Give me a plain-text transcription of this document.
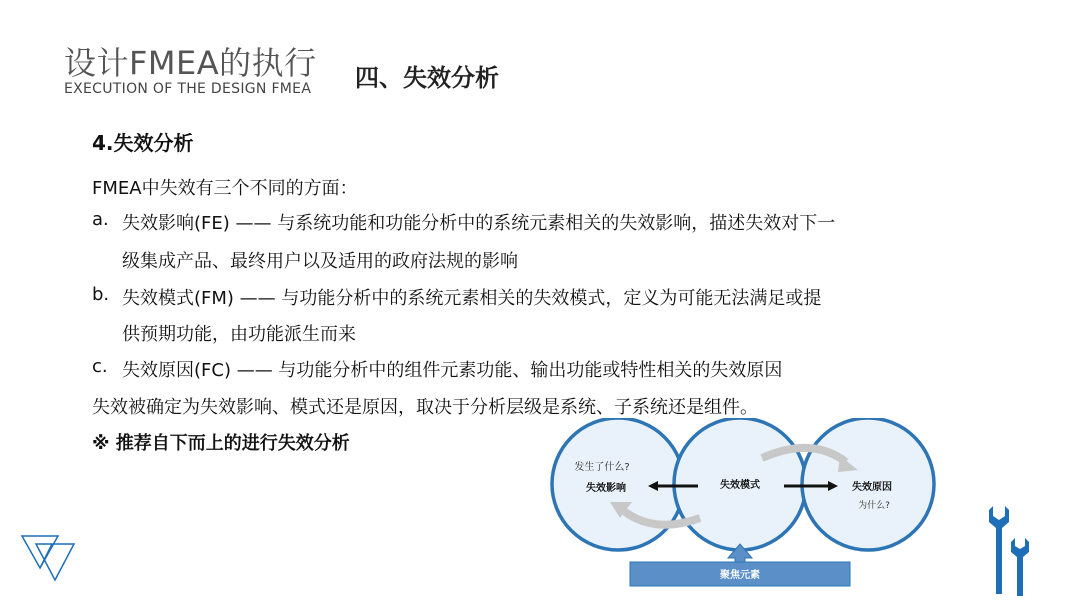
设计FMEA的执行
EXECUTION OF THE DESIGN FMEA 四、失效分析
4.失效分析
FMEA中失效有三个不同的方面：
a. 失效影响(FE) —— 与系统功能和功能分析中的系统元素相关的失效影响，描述失效对下一
级集成产品、最终用户以及适用的政府法规的影响
b. 失效模式(FM) —— 与功能分析中的系统元素相关的失效模式，定义为可能无法满足或提
供预期功能，由功能派生而来
c. 失效原因(FC) —— 与功能分析中的组件元素功能、输出功能或特性相关的失效原因
失效被确定为失效影响、模式还是原因，取决于分析层级是系统、子系统还是组件。
※ 推荐自下而上的进行失效分析
发生了什么?
失效影响	失效模式	失效原因
为什么?
聚焦元素
